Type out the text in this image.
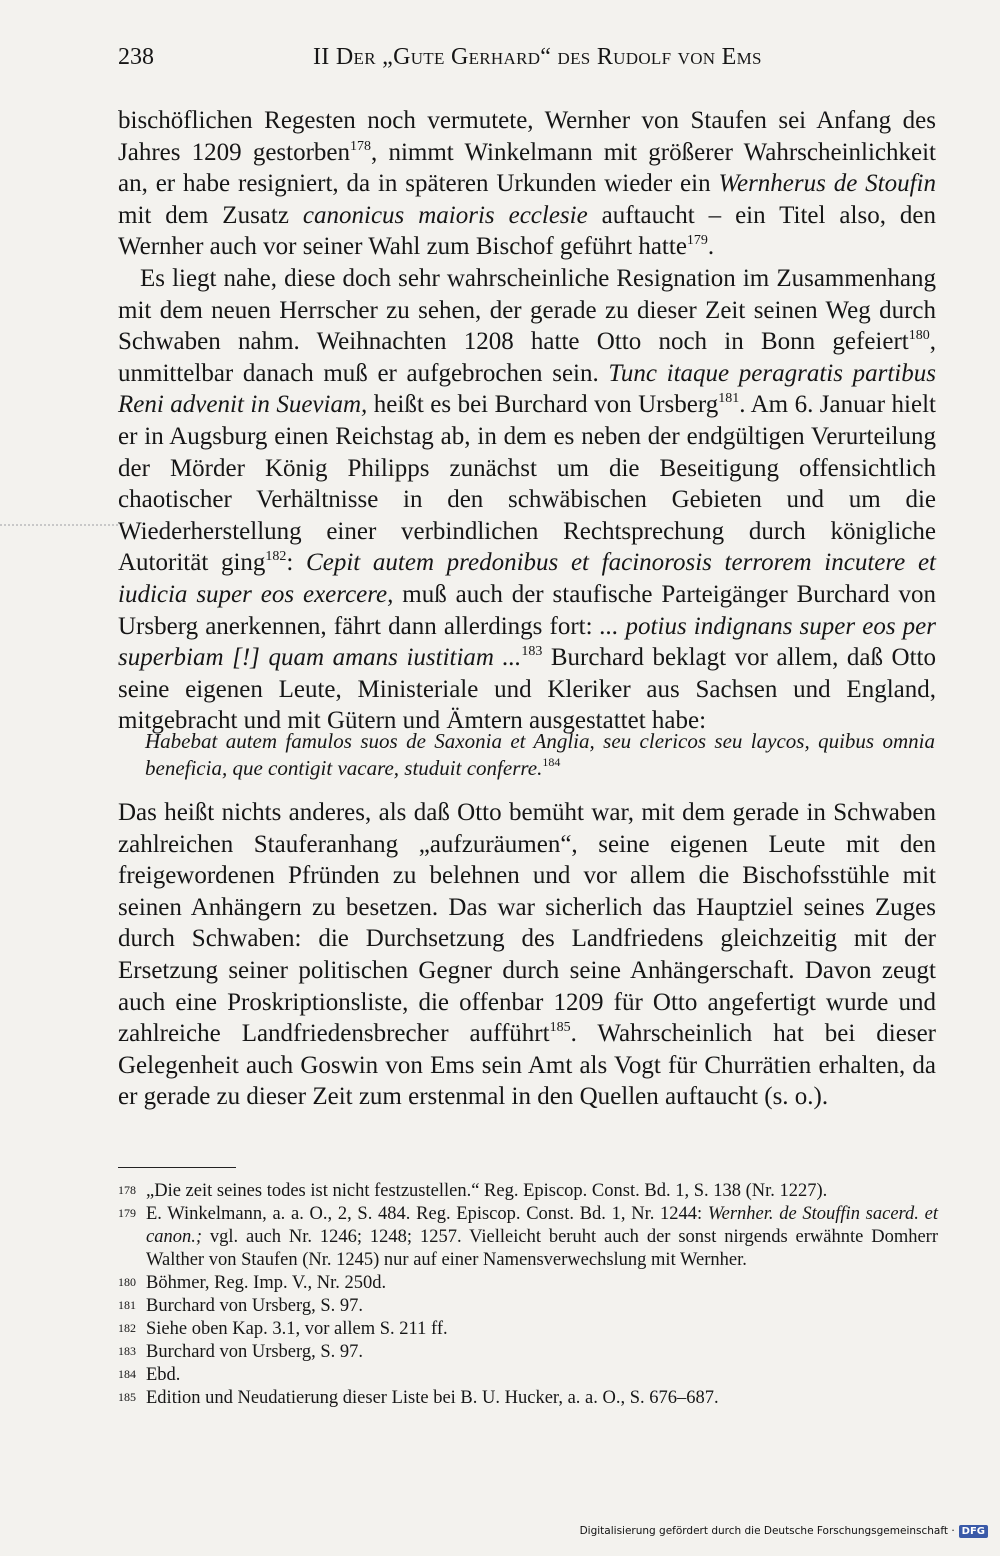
238	II Der „Gute Gerhard“ des Rudolf von Ems

bischöflichen Regesten noch vermutete, Wernher von Staufen sei Anfang des Jahres 1209 gestorben$^{178}$, nimmt Winkelmann mit größerer Wahrscheinlichkeit an, er habe resigniert, da in späteren Urkunden wieder ein Wernherus de Stoufin mit dem Zusatz canonicus maioris ecclesie auftaucht – ein Titel also, den Wernher auch vor seiner Wahl zum Bischof geführt hatte$^{179}$.

Es liegt nahe, diese doch sehr wahrscheinliche Resignation im Zusammenhang mit dem neuen Herrscher zu sehen, der gerade zu dieser Zeit seinen Weg durch Schwaben nahm. Weihnachten 1208 hatte Otto noch in Bonn gefeiert$^{180}$, unmittelbar danach muß er aufgebrochen sein. Tunc itaque peragratis partibus Reni advenit in Sueviam, heißt es bei Burchard von Ursberg$^{181}$. Am 6. Januar hielt er in Augsburg einen Reichstag ab, in dem es neben der endgültigen Verurteilung der Mörder König Philipps zunächst um die Beseitigung offensichtlich chaotischer Verhältnisse in den schwäbischen Gebieten und um die Wiederherstellung einer verbindlichen Rechtsprechung durch königliche Autorität ging$^{182}$: Cepit autem predonibus et facinorosis terrorem incutere et iudicia super eos exercere, muß auch der staufische Parteigänger Burchard von Ursberg anerkennen, fährt dann allerdings fort: ... potius indignans super eos per superbiam [!] quam amans iustitiam ...$^{183}$ Burchard beklagt vor allem, daß Otto seine eigenen Leute, Ministeriale und Kleriker aus Sachsen und England, mitgebracht und mit Gütern und Ämtern ausgestattet habe:

Habebat autem famulos suos de Saxonia et Anglia, seu clericos seu laycos, quibus omnia beneficia, que contigit vacare, studuit conferre.$^{184}$

Das heißt nichts anderes, als daß Otto bemüht war, mit dem gerade in Schwaben zahlreichen Stauferanhang „aufzuräumen“, seine eigenen Leute mit den freigewordenen Pfründen zu belehnen und vor allem die Bischofsstühle mit seinen Anhängern zu besetzen. Das war sicherlich das Hauptziel seines Zuges durch Schwaben: die Durchsetzung des Landfriedens gleichzeitig mit der Ersetzung seiner politischen Gegner durch seine Anhängerschaft. Davon zeugt auch eine Proskriptionsliste, die offenbar 1209 für Otto angefertigt wurde und zahlreiche Landfriedensbrecher aufführt$^{185}$. Wahrscheinlich hat bei dieser Gelegenheit auch Goswin von Ems sein Amt als Vogt für Churrätien erhalten, da er gerade zu dieser Zeit zum erstenmal in den Quellen auftaucht (s. o.).

178 „Die zeit seines todes ist nicht festzustellen.“ Reg. Episcop. Const. Bd. 1, S. 138 (Nr. 1227).
179 E. Winkelmann, a. a. O., 2, S. 484. Reg. Episcop. Const. Bd. 1, Nr. 1244: Wernher. de Stouffin sacerd. et canon.; vgl. auch Nr. 1246; 1248; 1257. Vielleicht beruht auch der sonst nirgends erwähnte Domherr Walther von Staufen (Nr. 1245) nur auf einer Namensverwechslung mit Wernher.
180 Böhmer, Reg. Imp. V., Nr. 250d.
181 Burchard von Ursberg, S. 97.
182 Siehe oben Kap. 3.1, vor allem S. 211 ff.
183 Burchard von Ursberg, S. 97.
184 Ebd.
185 Edition und Neudatierung dieser Liste bei B. U. Hucker, a. a. O., S. 676–687.
Digitalisierung gefördert durch die Deutsche Forschungsgemeinschaft · DFG
